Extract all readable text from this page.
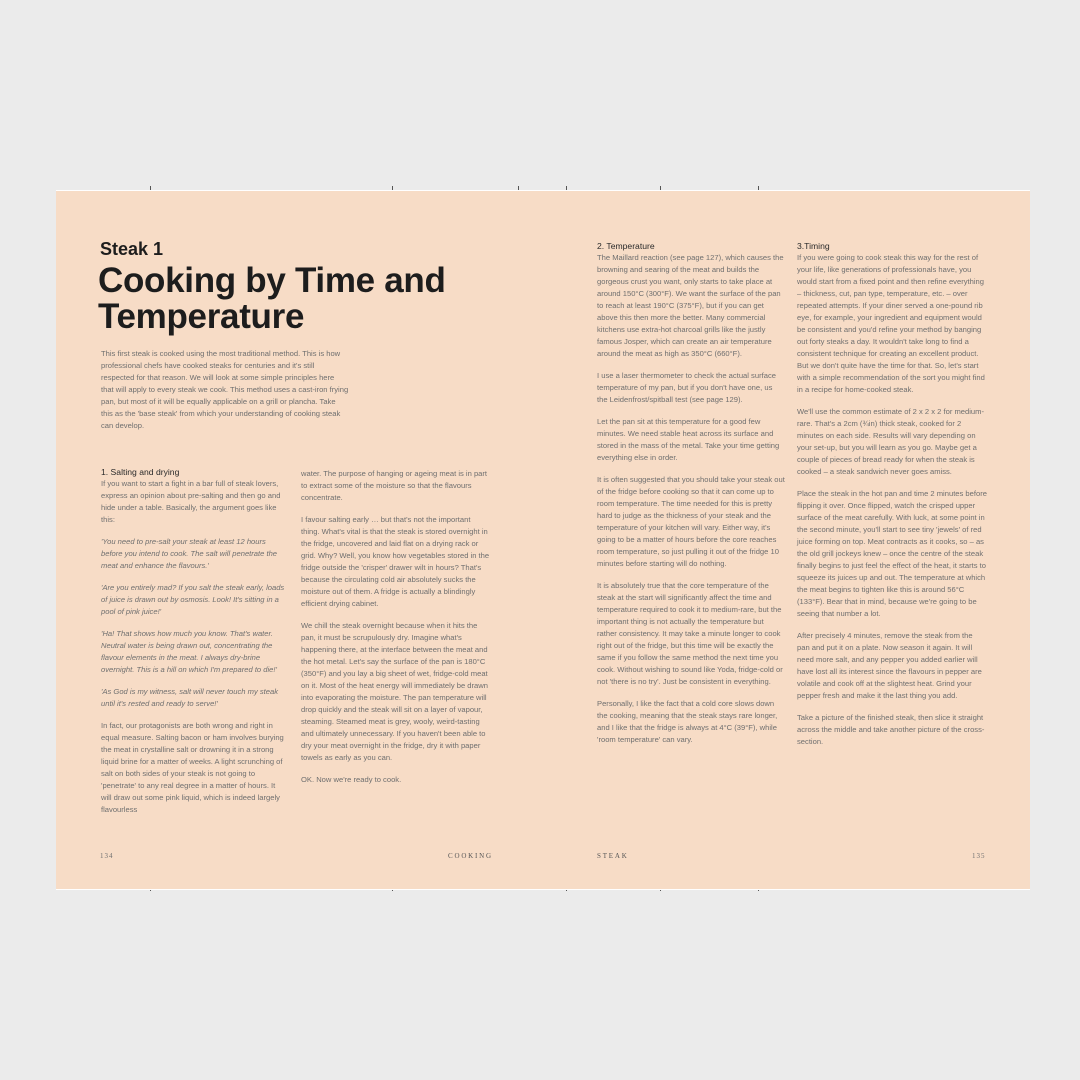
Steak 1
Cooking by Time and Temperature

This first steak is cooked using the most traditional method. This is how professional chefs have cooked steaks for centuries and it's still respected for that reason. We will look at some simple principles here that will apply to every steak we cook. This method uses a cast-iron frying pan, but most of it will be equally applicable on a grill or plancha. Take this as the 'base steak' from which your understanding of cooking steak can develop.

1. Salting and drying

If you want to start a fight in a bar full of steak lovers, express an opinion about pre-salting and then go and hide under a table. Basically, the argument goes like this:

'You need to pre-salt your steak at least 12 hours before you intend to cook. The salt will penetrate the meat and enhance the flavours.'

'Are you entirely mad? If you salt the steak early, loads of juice is drawn out by osmosis. Look! It's sitting in a pool of pink juice!'

'Ha! That shows how much you know. That's water. Neutral water is being drawn out, concentrating the flavour elements in the meat. I always dry-brine overnight. This is a hill on which I'm prepared to die!'

'As God is my witness, salt will never touch my steak until it's rested and ready to serve!'

In fact, our protagonists are both wrong and right in equal measure. Salting bacon or ham involves burying the meat in crystalline salt or drowning it in a strong liquid brine for a matter of weeks. A light scrunching of salt on both sides of your steak is not going to 'penetrate' to any real degree in a matter of hours. It will draw out some pink liquid, which is indeed largely flavourless

water. The purpose of hanging or ageing meat is in part to extract some of the moisture so that the flavours concentrate.

I favour salting early … but that's not the important thing. What's vital is that the steak is stored overnight in the fridge, uncovered and laid flat on a drying rack or grid. Why? Well, you know how vegetables stored in the fridge outside the 'crisper' drawer wilt in hours? That's because the circulating cold air absolutely sucks the moisture out of them. A fridge is actually a blindingly efficient drying cabinet.

We chill the steak overnight because when it hits the pan, it must be scrupulously dry. Imagine what's happening there, at the interface between the meat and the hot metal. Let's say the surface of the pan is 180°C (350°F) and you lay a big sheet of wet, fridge-cold meat on it. Most of the heat energy will immediately be drawn into evaporating the moisture. The pan temperature will drop quickly and the steak will sit on a layer of vapour, steaming. Steamed meat is grey, wooly, weird-tasting and ultimately unnecessary. If you haven't been able to dry your meat overnight in the fridge, dry it with paper towels as early as you can.

OK. Now we're ready to cook.

134	COOKING
2. Temperature

The Maillard reaction (see page 127), which causes the browning and searing of the meat and builds the gorgeous crust you want, only starts to take place at around 150°C (300°F). We want the surface of the pan to reach at least 190°C (375°F), but if you can get above this then more the better. Many commercial kitchens use extra-hot charcoal grills like the justly famous Josper, which can create an air temperature around the meat as high as 350°C (660°F).

I use a laser thermometer to check the actual surface temperature of my pan, but if you don't have one, us the Leidenfrost/spitball test (see page 129).

Let the pan sit at this temperature for a good few minutes. We need stable heat across its surface and stored in the mass of the metal. Take your time getting everything else in order.

It is often suggested that you should take your steak out of the fridge before cooking so that it can come up to room temperature. The time needed for this is pretty hard to judge as the thickness of your steak and the temperature of your kitchen will vary. Either way, it's going to be a matter of hours before the core reaches room temperature, so just pulling it out of the fridge 10 minutes before starting will do nothing.

It is absolutely true that the core temperature of the steak at the start will significantly affect the time and temperature required to cook it to medium-rare, but the important thing is not actually the temperature but rather consistency. It may take a minute longer to cook right out of the fridge, but this time will be exactly the same if you follow the same method the next time you cook. Without wishing to sound like Yoda, fridge-cold or not 'there is no try'. Just be consistent in everything.

Personally, I like the fact that a cold core slows down the cooking, meaning that the steak stays rare longer, and I like that the fridge is always at 4°C (39°F), while 'room temperature' can vary.

3.Timing

If you were going to cook steak this way for the rest of your life, like generations of professionals have, you would start from a fixed point and then refine everything – thickness, cut, pan type, temperature, etc. – over repeated attempts. If your diner served a one-pound rib eye, for example, your ingredient and equipment would be consistent and you'd refine your method by banging out forty steaks a day. It wouldn't take long to find a consistent technique for creating an excellent product. But we don't quite have the time for that. So, let's start with a simple recommendation of the sort you might find in a recipe for home-cooked steak.

We'll use the common estimate of 2 x 2 x 2 for medium-rare. That's a 2cm (¾in) thick steak, cooked for 2 minutes on each side. Results will vary depending on your set-up, but you will learn as you go. Maybe get a couple of pieces of bread ready for when the steak is cooked – a steak sandwich never goes amiss.

Place the steak in the hot pan and time 2 minutes before flipping it over. Once flipped, watch the crisped upper surface of the meat carefully. With luck, at some point in the second minute, you'll start to see tiny 'jewels' of red juice forming on top. Meat contracts as it cooks, so – as the old grill jockeys knew – once the centre of the steak finally begins to just feel the effect of the heat, it starts to squeeze its juices up and out. The temperature at which the meat begins to tighten like this is around 56°C (133°F). Bear that in mind, because we're going to be seeing that number a lot.

After precisely 4 minutes, remove the steak from the pan and put it on a plate. Now season it again. It will need more salt, and any pepper you added earlier will have lost all its interest since the flavours in pepper are volatile and cook off at the slightest heat. Grind your pepper fresh and make it the last thing you add.

Take a picture of the finished steak, then slice it straight across the middle and take another picture of the cross-section.

STEAK	135
